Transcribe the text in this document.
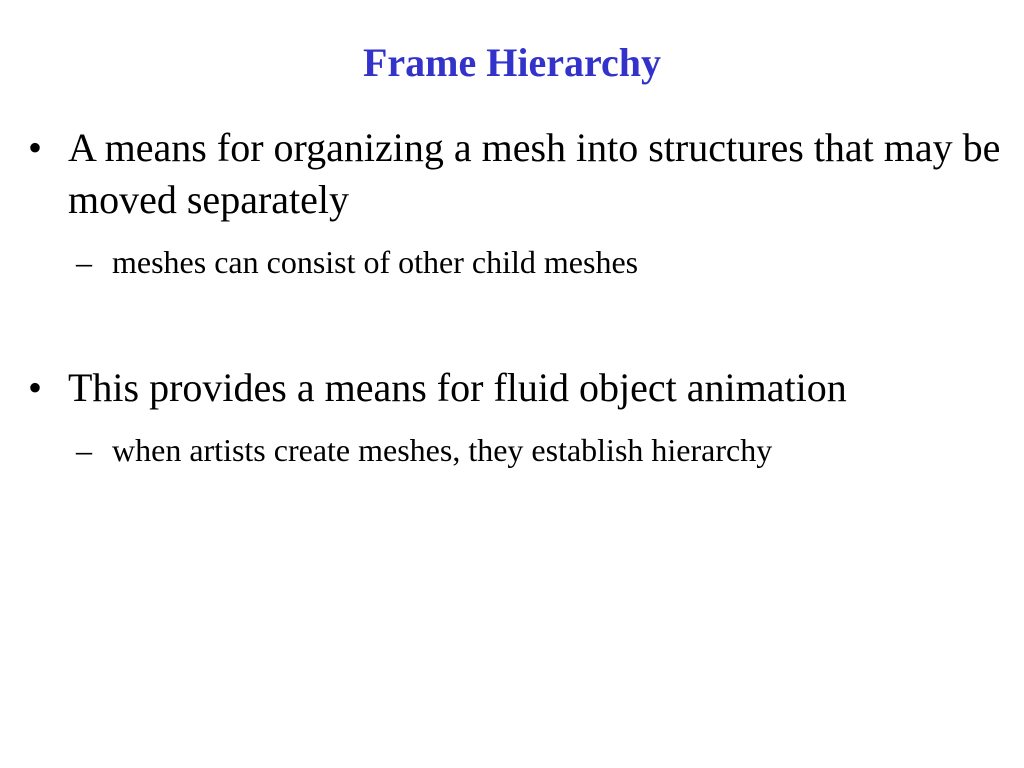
Frame Hierarchy
• A means for organizing a mesh into structures that may be moved separately
– meshes can consist of other child meshes
• This provides a means for fluid object animation
– when artists create meshes, they establish hierarchy
